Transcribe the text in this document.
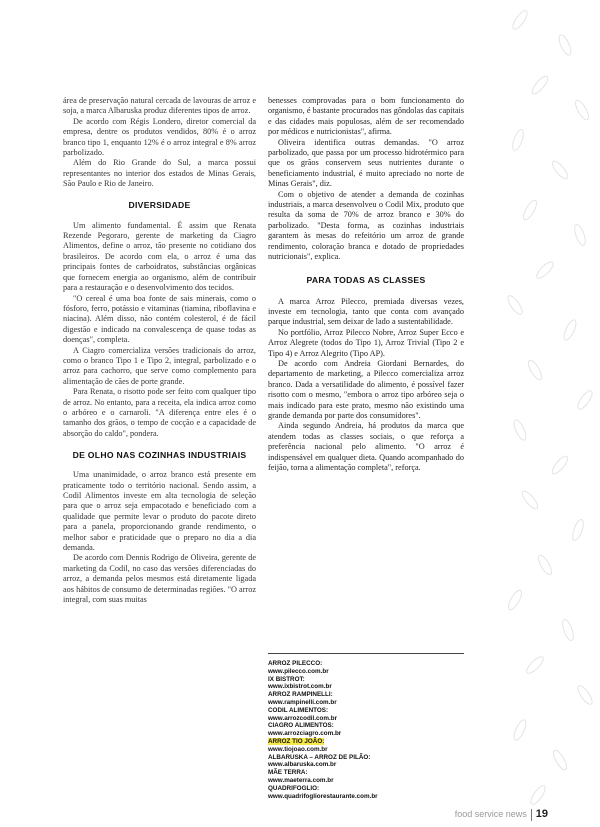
área de preservação natural cercada de lavouras de arroz e soja, a marca Albaruska produz diferentes tipos de arroz.

De acordo com Régis Londero, diretor comercial da empresa, dentre os produtos vendidos, 80% é o arroz branco tipo 1, enquanto 12% é o arroz integral e 8% arroz parbolizado.

Além do Rio Grande do Sul, a marca possui representantes no interior dos estados de Minas Gerais, São Paulo e Rio de Janeiro.

DIVERSIDADE

Um alimento fundamental. É assim que Renata Rezende Pegoraro, gerente de marketing da Ciagro Alimentos, define o arroz, tão presente no cotidiano dos brasileiros. De acordo com ela, o arroz é uma das principais fontes de carboidratos, substâncias orgânicas que fornecem energia ao organismo, além de contribuir para a restauração e o desenvolvimento dos tecidos.

"O cereal é uma boa fonte de sais minerais, como o fósforo, ferro, potássio e vitaminas (tiamina, riboflavina e niacina). Além disso, não contém colesterol, é de fácil digestão e indicado na convalescença de quase todas as doenças", completa.

A Ciagro comercializa versões tradicionais do arroz, como o branco Tipo 1 e Tipo 2, integral, parbolizado e o arroz para cachorro, que serve como complemento para alimentação de cães de porte grande.

Para Renata, o risotto pode ser feito com qualquer tipo de arroz. No entanto, para a receita, ela indica arroz como o arbóreo e o carnaroli. "A diferença entre eles é o tamanho dos grãos, o tempo de cocção e a capacidade de absorção do caldo", pondera.

DE OLHO NAS COZINHAS INDUSTRIAIS

Uma unanimidade, o arroz branco está presente em praticamente todo o território nacional. Sendo assim, a Codil Alimentos investe em alta tecnologia de seleção para que o arroz seja empacotado e beneficiado com a qualidade que permite levar o produto do pacote direto para a panela, proporcionando grande rendimento, o melhor sabor e praticidade que o preparo no dia a dia demanda.

De acordo com Dennis Rodrigo de Oliveira, gerente de marketing da Codil, no caso das versões diferenciadas do arroz, a demanda pelos mesmos está diretamente ligada aos hábitos de consumo de determinadas regiões. "O arroz integral, com suas muitas

benesses comprovadas para o bom funcionamento do organismo, é bastante procurados nas gôndolas das capitais e das cidades mais populosas, além de ser recomendado por médicos e nutricionistas", afirma.

Oliveira identifica outras demandas. "O arroz parbolizado, que passa por um processo hidrotérmico para que os grãos conservem seus nutrientes durante o beneficiamento industrial, é muito apreciado no norte de Minas Gerais", diz.

Com o objetivo de atender a demanda de cozinhas industriais, a marca desenvolveu o Codil Mix, produto que resulta da soma de 70% de arroz branco e 30% do parbolizado. "Desta forma, as cozinhas industriais garantem às mesas do refeitório um arroz de grande rendimento, coloração branca e dotado de propriedades nutricionais", explica.

PARA TODAS AS CLASSES

A marca Arroz Pilecco, premiada diversas vezes, investe em tecnologia, tanto que conta com avançado parque industrial, sem deixar de lado a sustentabilidade.

No portfólio, Arroz Pilecco Nobre, Arroz Super Ecco e Arroz Alegrete (todos do Tipo 1), Arroz Trivial (Tipo 2 e Tipo 4) e Arroz Alegrito (Tipo AP).

De acordo com Andreia Giordani Bernardes, do departamento de marketing, a Pilecco comercializa arroz branco. Dada a versatilidade do alimento, é possível fazer risotto com o mesmo, "embora o arroz tipo arbóreo seja o mais indicado para este prato, mesmo não existindo uma grande demanda por parte dos consumidores".

Ainda segundo Andreia, há produtos da marca que atendem todas as classes sociais, o que reforça a preferência nacional pelo alimento. "O arroz é indispensável em qualquer dieta. Quando acompanhado do feijão, torna a alimentação completa", reforça.

ARROZ PILECCO:
www.pilecco.com.br
IX BISTROT:
www.ixbistrot.com.br
ARROZ RAMPINELLI:
www.rampinelli.com.br
CODIL ALIMENTOS:
www.arrozcodil.com.br
CIAGRO ALIMENTOS:
www.arrozciagro.com.br
ARROZ TIO JOÃO:
www.tiojoao.com.br
ALBARUSKA – ARROZ DE PILÃO:
www.albaruska.com.br
MÃE TERRA:
www.maeterra.com.br
QUADRIFOGLIO:
www.quadrifogliorestaurante.com.br
food service news 19
